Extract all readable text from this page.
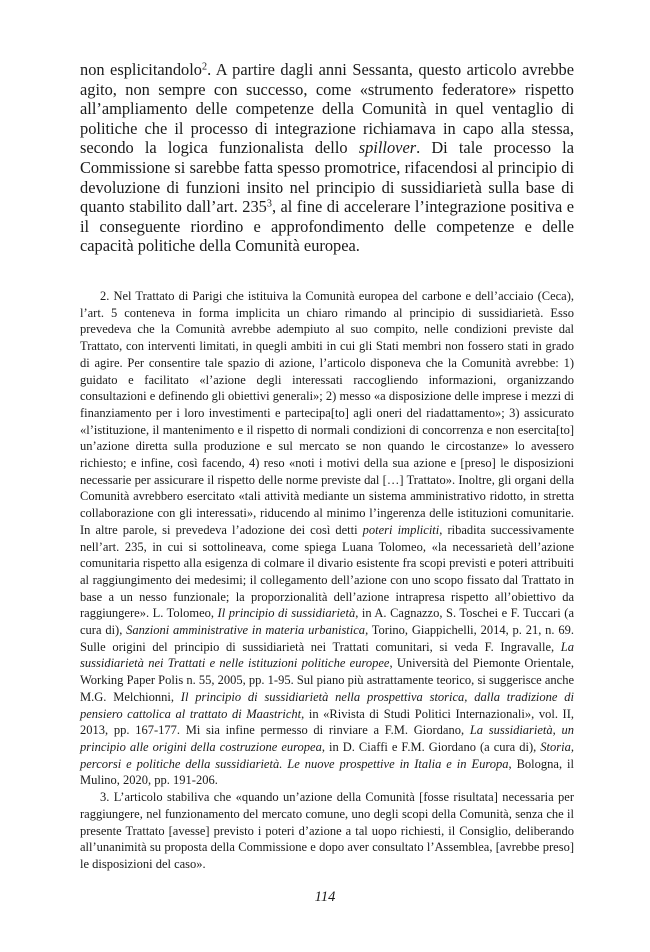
non esplicitandolo$^2$. A partire dagli anni Sessanta, questo articolo avrebbe agito, non sempre con successo, come «strumento federatore» rispetto all’ampliamento delle competenze della Comunità in quel ventaglio di politiche che il processo di integrazione richiamava in capo alla stessa, secondo la logica funzionalista dello spillover. Di tale processo la Commissione si sarebbe fatta spesso promotrice, rifacendosi al principio di devoluzione di funzioni insito nel principio di sussidiarietà sulla base di quanto stabilito dall’art. $235^3$, al fine di accelerare l’integrazione positiva e il conseguente riordino e approfondimento delle competenze e delle capacità politiche della Comunità europea.

2. Nel Trattato di Parigi che istituiva la Comunità europea del carbone e dell’acciaio (Ceca), l’art. 5 conteneva in forma implicita un chiaro rimando al principio di sussidiarietà. Esso prevedeva che la Comunità avrebbe adempiuto al suo compito, nelle condizioni previste dal Trattato, con interventi limitati, in quegli ambiti in cui gli Stati membri non fossero stati in grado di agire. Per consentire tale spazio di azione, l’articolo disponeva che la Comunità avrebbe: 1) guidato e facilitato «l’azione degli interessati raccogliendo informazioni, organizzando consultazioni e definendo gli obiettivi generali»; 2) messo «a disposizione delle imprese i mezzi di finanziamento per i loro investimenti e partecipa[to] agli oneri del riadattamento»; 3) assicurato «l’istituzione, il mantenimento e il rispetto di normali condizioni di concorrenza e non esercita[to] un’azione diretta sulla produzione e sul mercato se non quando le circostanze» lo avessero richiesto; e infine, così facendo, 4) reso «noti i motivi della sua azione e [preso] le disposizioni necessarie per assicurare il rispetto delle norme previste dal […] Trattato». Inoltre, gli organi della Comunità avrebbero esercitato «tali attività mediante un sistema amministrativo ridotto, in stretta collaborazione con gli interessati», riducendo al minimo l’ingerenza delle istituzioni comunitarie. In altre parole, si prevedeva l’adozione dei così detti poteri impliciti, ribadita successivamente nell’art. 235, in cui si sottolineava, come spiega Luana Tolomeo, «la necessarietà dell’azione comunitaria rispetto alla esigenza di colmare il divario esistente fra scopi previsti e poteri attribuiti al raggiungimento dei medesimi; il collegamento dell’azione con uno scopo fissato dal Trattato in base a un nesso funzionale; la proporzionalità dell’azione intrapresa rispetto all’obiettivo da raggiungere». L. Tolomeo, Il principio di sussidiarietà, in A. Cagnazzo, S. Toschei e F. Tuccari (a cura di), Sanzioni amministrative in materia urbanistica, Torino, Giappichelli, 2014, p. 21, n. 69. Sulle origini del principio di sussidiarietà nei Trattati comunitari, si veda F. Ingravalle, La sussidiarietà nei Trattati e nelle istituzioni politiche europee, Università del Piemonte Orientale, Working Paper Polis n. 55, 2005, pp. 1-95. Sul piano più astrattamente teorico, si suggerisce anche M.G. Melchionni, Il principio di sussidiarietà nella prospettiva storica, dalla tradizione di pensiero cattolica al trattato di Maastricht, in «Rivista di Studi Politici Internazionali», vol. II, 2013, pp. 167-177. Mi sia infine permesso di rinviare a F.M. Giordano, La sussidiarietà, un principio alle origini della costruzione europea, in D. Ciaffi e F.M. Giordano (a cura di), Storia, percorsi e politiche della sussidiarietà. Le nuove prospettive in Italia e in Europa, Bologna, il Mulino, 2020, pp. 191-206.

3. L’articolo stabiliva che «quando un’azione della Comunità [fosse risultata] necessaria per raggiungere, nel funzionamento del mercato comune, uno degli scopi della Comunità, senza che il presente Trattato [avesse] previsto i poteri d’azione a tal uopo richiesti, il Consiglio, deliberando all’unanimità su proposta della Commissione e dopo aver consultato l’Assemblea, [avrebbe preso] le disposizioni del caso».

114
